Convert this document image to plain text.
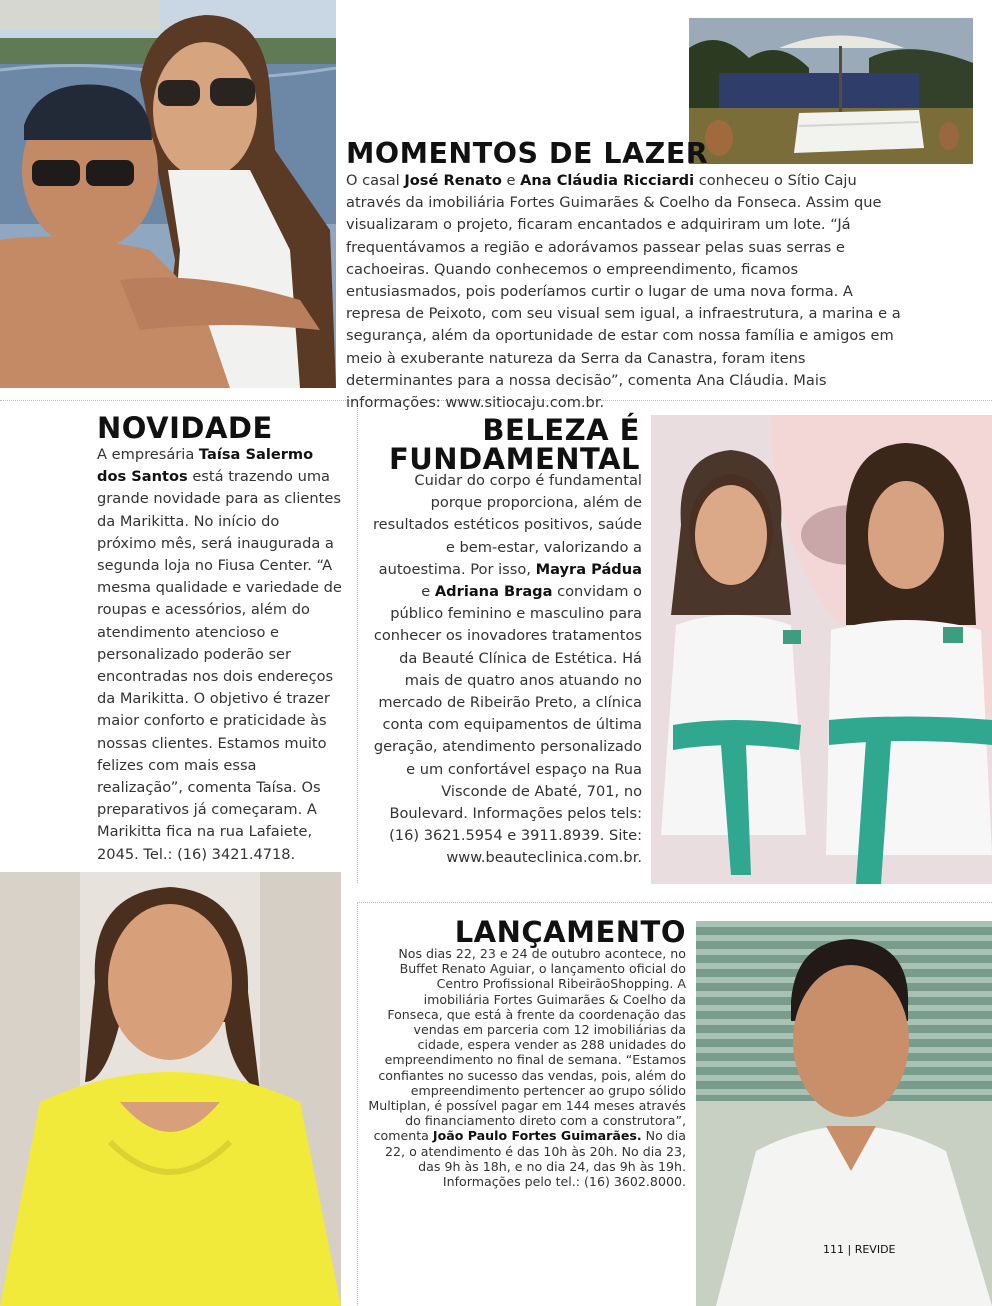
MOMENTOS DE LAZER

O casal José Renato e Ana Cláudia Ricciardi conheceu o Sítio Caju através da imobiliária Fortes Guimarães & Coelho da Fonseca. Assim que visualizaram o projeto, ficaram encantados e adquiriram um lote. “Já frequentávamos a região e adorávamos passear pelas suas serras e cachoeiras. Quando conhecemos o empreendimento, ficamos entusiasmados, pois poderíamos curtir o lugar de uma nova forma. A represa de Peixoto, com seu visual sem igual, a infraestrutura, a marina e a segurança, além da oportunidade de estar com nossa família e amigos em meio à exuberante natureza da Serra da Canastra, foram itens determinantes para a nossa decisão”, comenta Ana Cláudia. Mais informações: www.sitiocaju.com.br.

NOVIDADE

A empresária Taísa Salermo dos Santos está trazendo uma grande novidade para as clientes da Marikitta. No início do próximo mês, será inaugurada a segunda loja no Fiusa Center. “A mesma qualidade e variedade de roupas e acessórios, além do atendimento atencioso e personalizado poderão ser encontradas nos dois endereços da Marikitta. O objetivo é trazer maior conforto e praticidade às nossas clientes. Estamos muito felizes com mais essa realização”, comenta Taísa. Os preparativos já começaram. A Marikitta fica na rua Lafaiete, 2045. Tel.: (16) 3421.4718.

BELEZA É
FUNDAMENTAL

Cuidar do corpo é fundamental porque proporciona, além de resultados estéticos positivos, saúde e bem-estar, valorizando a autoestima. Por isso, Mayra Pádua e Adriana Braga convidam o público feminino e masculino para conhecer os inovadores tratamentos da Beauté Clínica de Estética. Há mais de quatro anos atuando no mercado de Ribeirão Preto, a clínica conta com equipamentos de última geração, atendimento personalizado e um confortável espaço na Rua Visconde de Abaté, 701, no Boulevard. Informações pelos tels: (16) 3621.5954 e 3911.8939. Site: www.beauteclinica.com.br.

LANÇAMENTO

Nos dias 22, 23 e 24 de outubro acontece, no Buffet Renato Aguiar, o lançamento oficial do Centro Profissional RibeirãoShopping. A imobiliária Fortes Guimarães & Coelho da Fonseca, que está à frente da coordenação das vendas em parceria com 12 imobiliárias da cidade, espera vender as 288 unidades do empreendimento no final de semana. “Estamos confiantes no sucesso das vendas, pois, além do empreendimento pertencer ao grupo sólido Multiplan, é possível pagar em 144 meses através do financiamento direto com a construtora”, comenta João Paulo Fortes Guimarães. No dia 22, o atendimento é das 10h às 20h. No dia 23, das 9h às 18h, e no dia 24, das 9h às 19h. Informações pelo tel.: (16) 3602.8000.

111 | REVIDE
